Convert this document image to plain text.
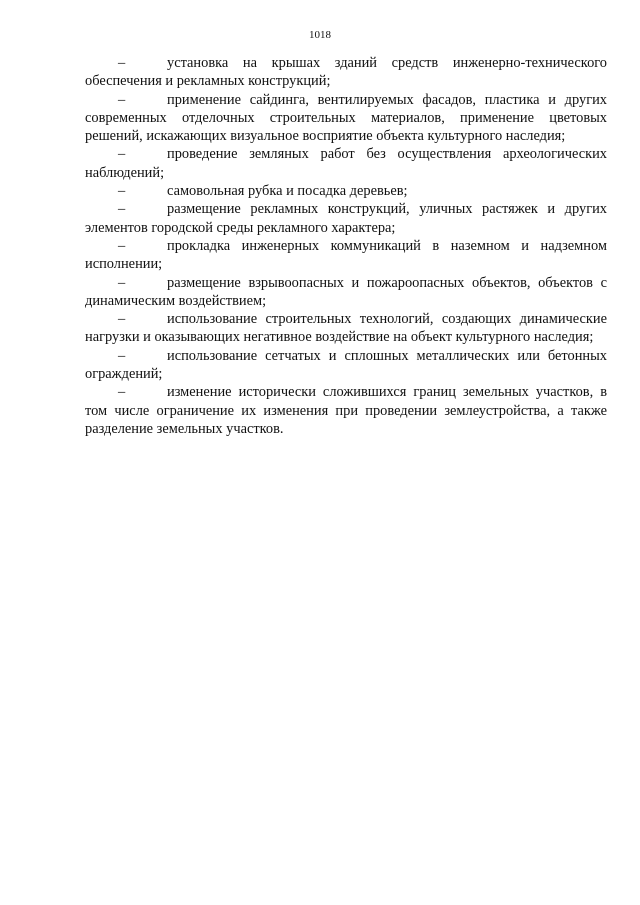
1018

–	установка на крышах зданий средств инженерно-технического обеспечения и рекламных конструкций;

–	применение сайдинга, вентилируемых фасадов, пластика и других современных отделочных строительных материалов, применение цветовых решений, искажающих визуальное восприятие объекта культурного наследия;

–	проведение земляных работ без осуществления археологических наблюдений;

–	самовольная рубка и посадка деревьев;

–	размещение рекламных конструкций, уличных растяжек и других элементов городской среды рекламного характера;

–	прокладка инженерных коммуникаций в наземном и надземном исполнении;

–	размещение взрывоопасных и пожароопасных объектов, объектов с динамическим воздействием;

–	использование строительных технологий, создающих динамические нагрузки и оказывающих негативное воздействие на объект культурного наследия;

–	использование сетчатых и сплошных металлических или бетонных ограждений;

–	изменение исторически сложившихся границ земельных участков, в том числе ограничение их изменения при проведении землеустройства, а также разделение земельных участков.
